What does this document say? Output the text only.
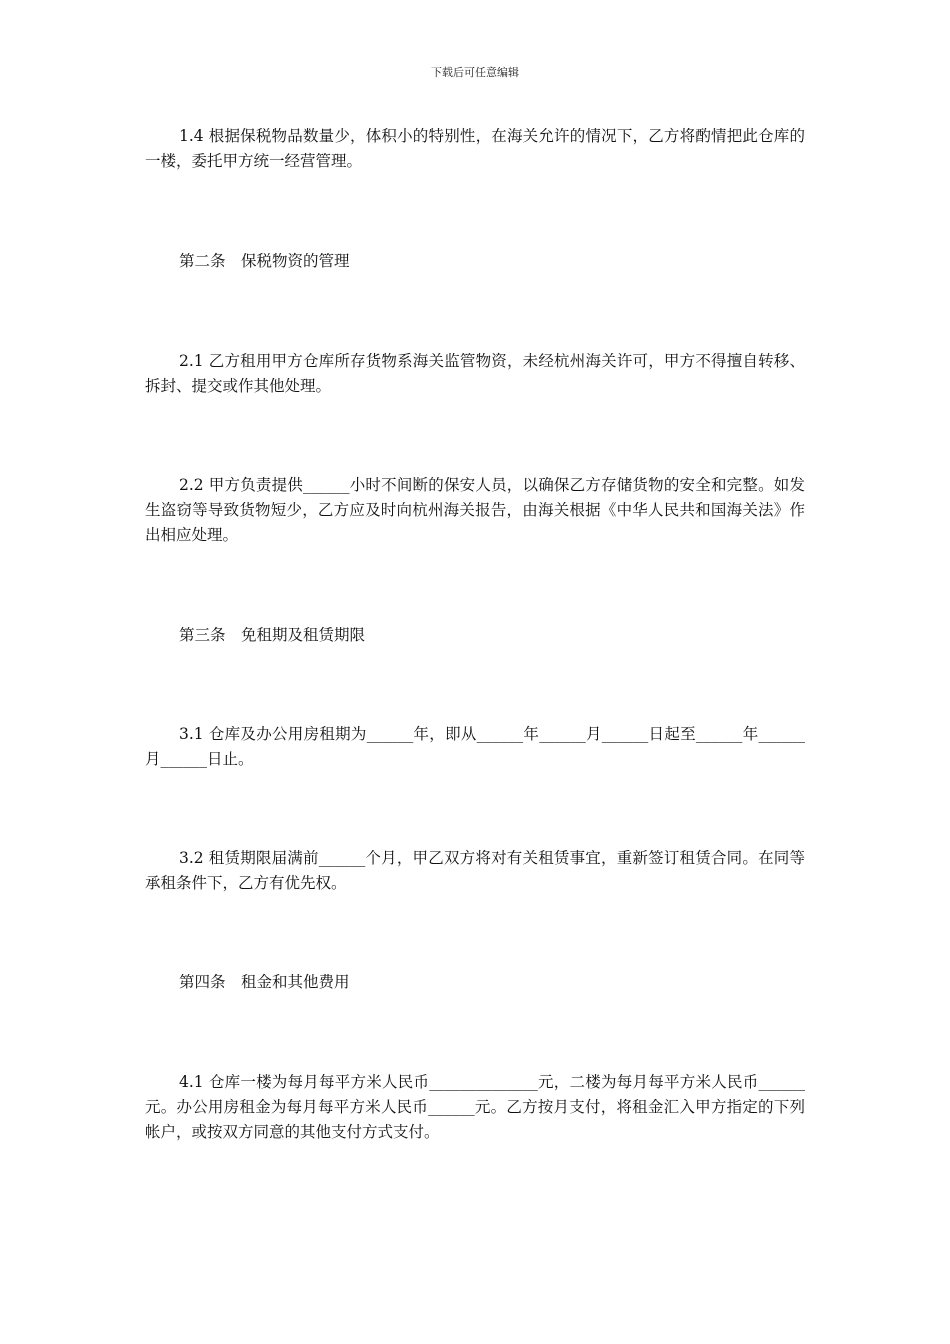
下载后可任意编辑
1.4 根据保税物品数量少，体积小的特别性，在海关允许的情况下，乙方将酌情把此仓库的一楼，委托甲方统一经营管理。
第二条　保税物资的管理
2.1 乙方租用甲方仓库所存货物系海关监管物资，未经杭州海关许可，甲方不得擅自转移、拆封、提交或作其他处理。
2.2 甲方负责提供______小时不间断的保安人员，以确保乙方存储货物的安全和完整。如发生盗窃等导致货物短少，乙方应及时向杭州海关报告，由海关根据《中华人民共和国海关法》作出相应处理。
第三条　免租期及租赁期限
3.1 仓库及办公用房租期为______年，即从______年______月______日起至______年______月______日止。
3.2 租赁期限届满前______个月，甲乙双方将对有关租赁事宜，重新签订租赁合同。在同等承租条件下，乙方有优先权。
第四条　租金和其他费用
4.1 仓库一楼为每月每平方米人民币______________元，二楼为每月每平方米人民币______元。办公用房租金为每月每平方米人民币______元。乙方按月支付，将租金汇入甲方指定的下列帐户，或按双方同意的其他支付方式支付。
